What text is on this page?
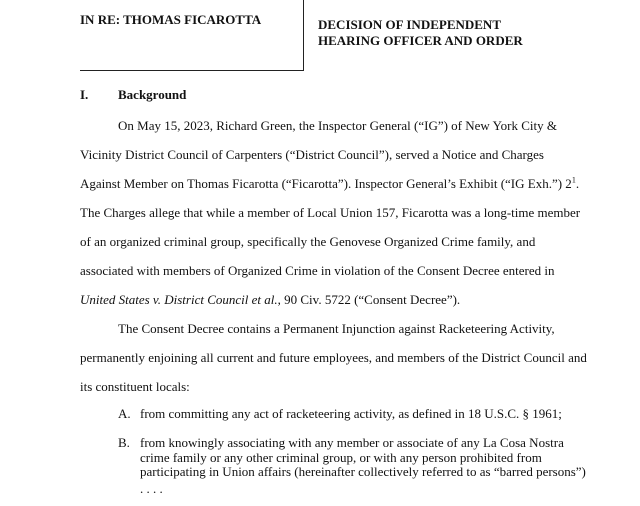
IN RE: THOMAS FICAROTTA	DECISION OF INDEPENDENT
HEARING OFFICER AND ORDER
I. Background
On May 15, 2023, Richard Green, the Inspector General (“IG”) of New York City &
Vicinity District Council of Carpenters (“District Council”), served a Notice and Charges
Against Member on Thomas Ficarotta (“Ficarotta”). Inspector General’s Exhibit (“IG Exh.”) $2^1$.
The Charges allege that while a member of Local Union 157, Ficarotta was a long-time member
of an organized criminal group, specifically the Genovese Organized Crime family, and
associated with members of Organized Crime in violation of the Consent Decree entered in
United States v. District Council et al., 90 Civ. 5722 (“Consent Decree”).
The Consent Decree contains a Permanent Injunction against Racketeering Activity,
permanently enjoining all current and future employees, and members of the District Council and
its constituent locals:
A. from committing any act of racketeering activity, as defined in 18 U.S.C. § 1961;
B. from knowingly associating with any member or associate of any La Cosa Nostra
crime family or any other criminal group, or with any person prohibited from
participating in Union affairs (hereinafter collectively referred to as “barred persons”)
. . . .
